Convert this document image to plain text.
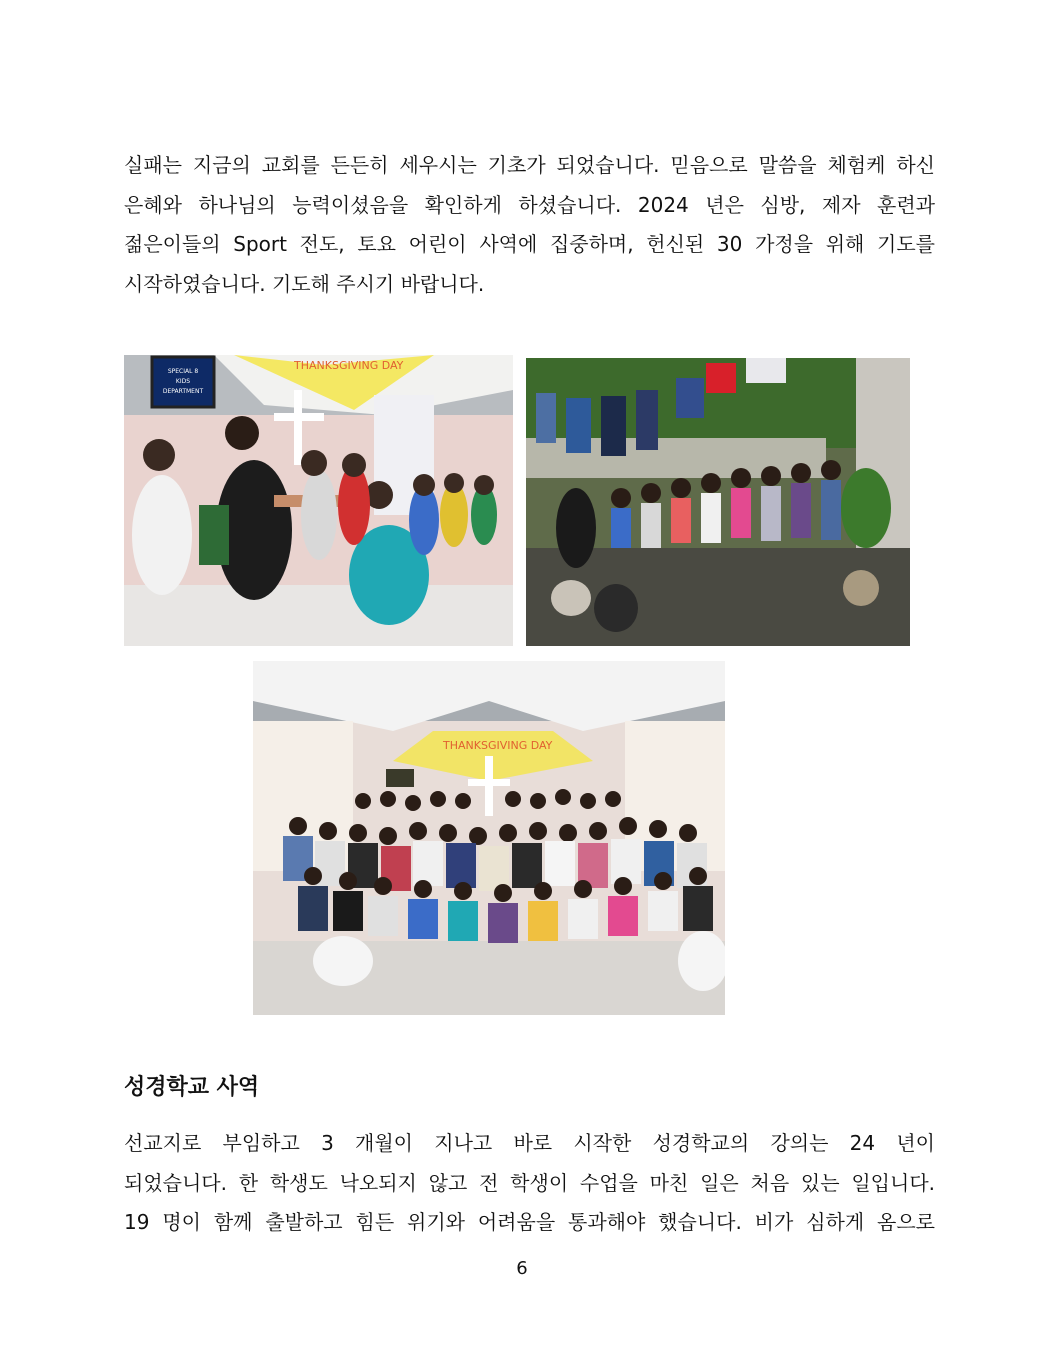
실패는 지금의 교회를 든든히 세우시는 기초가 되었습니다. 믿음으로 말씀을 체험케 하신
은혜와 하나님의 능력이셨음을 확인하게 하셨습니다. 2024 년은 심방, 제자 훈련과
젊은이들의 Sport 전도, 토요 어린이 사역에 집중하며, 헌신된 30 가정을 위해 기도를
시작하였습니다. 기도해 주시기 바랍니다.
SPECIAL 8
KIDS
DEPARTMENT
THANKSGIVING DAY
THANKSGIVING DAY
성경학교 사역
선교지로 부임하고 3 개월이 지나고 바로 시작한 성경학교의 강의는 24 년이
되었습니다. 한 학생도 낙오되지 않고 전 학생이 수업을 마친 일은 처음 있는 일입니다.
19 명이 함께 출발하고 힘든 위기와 어려움을 통과해야 했습니다. 비가 심하게 옴으로
6
